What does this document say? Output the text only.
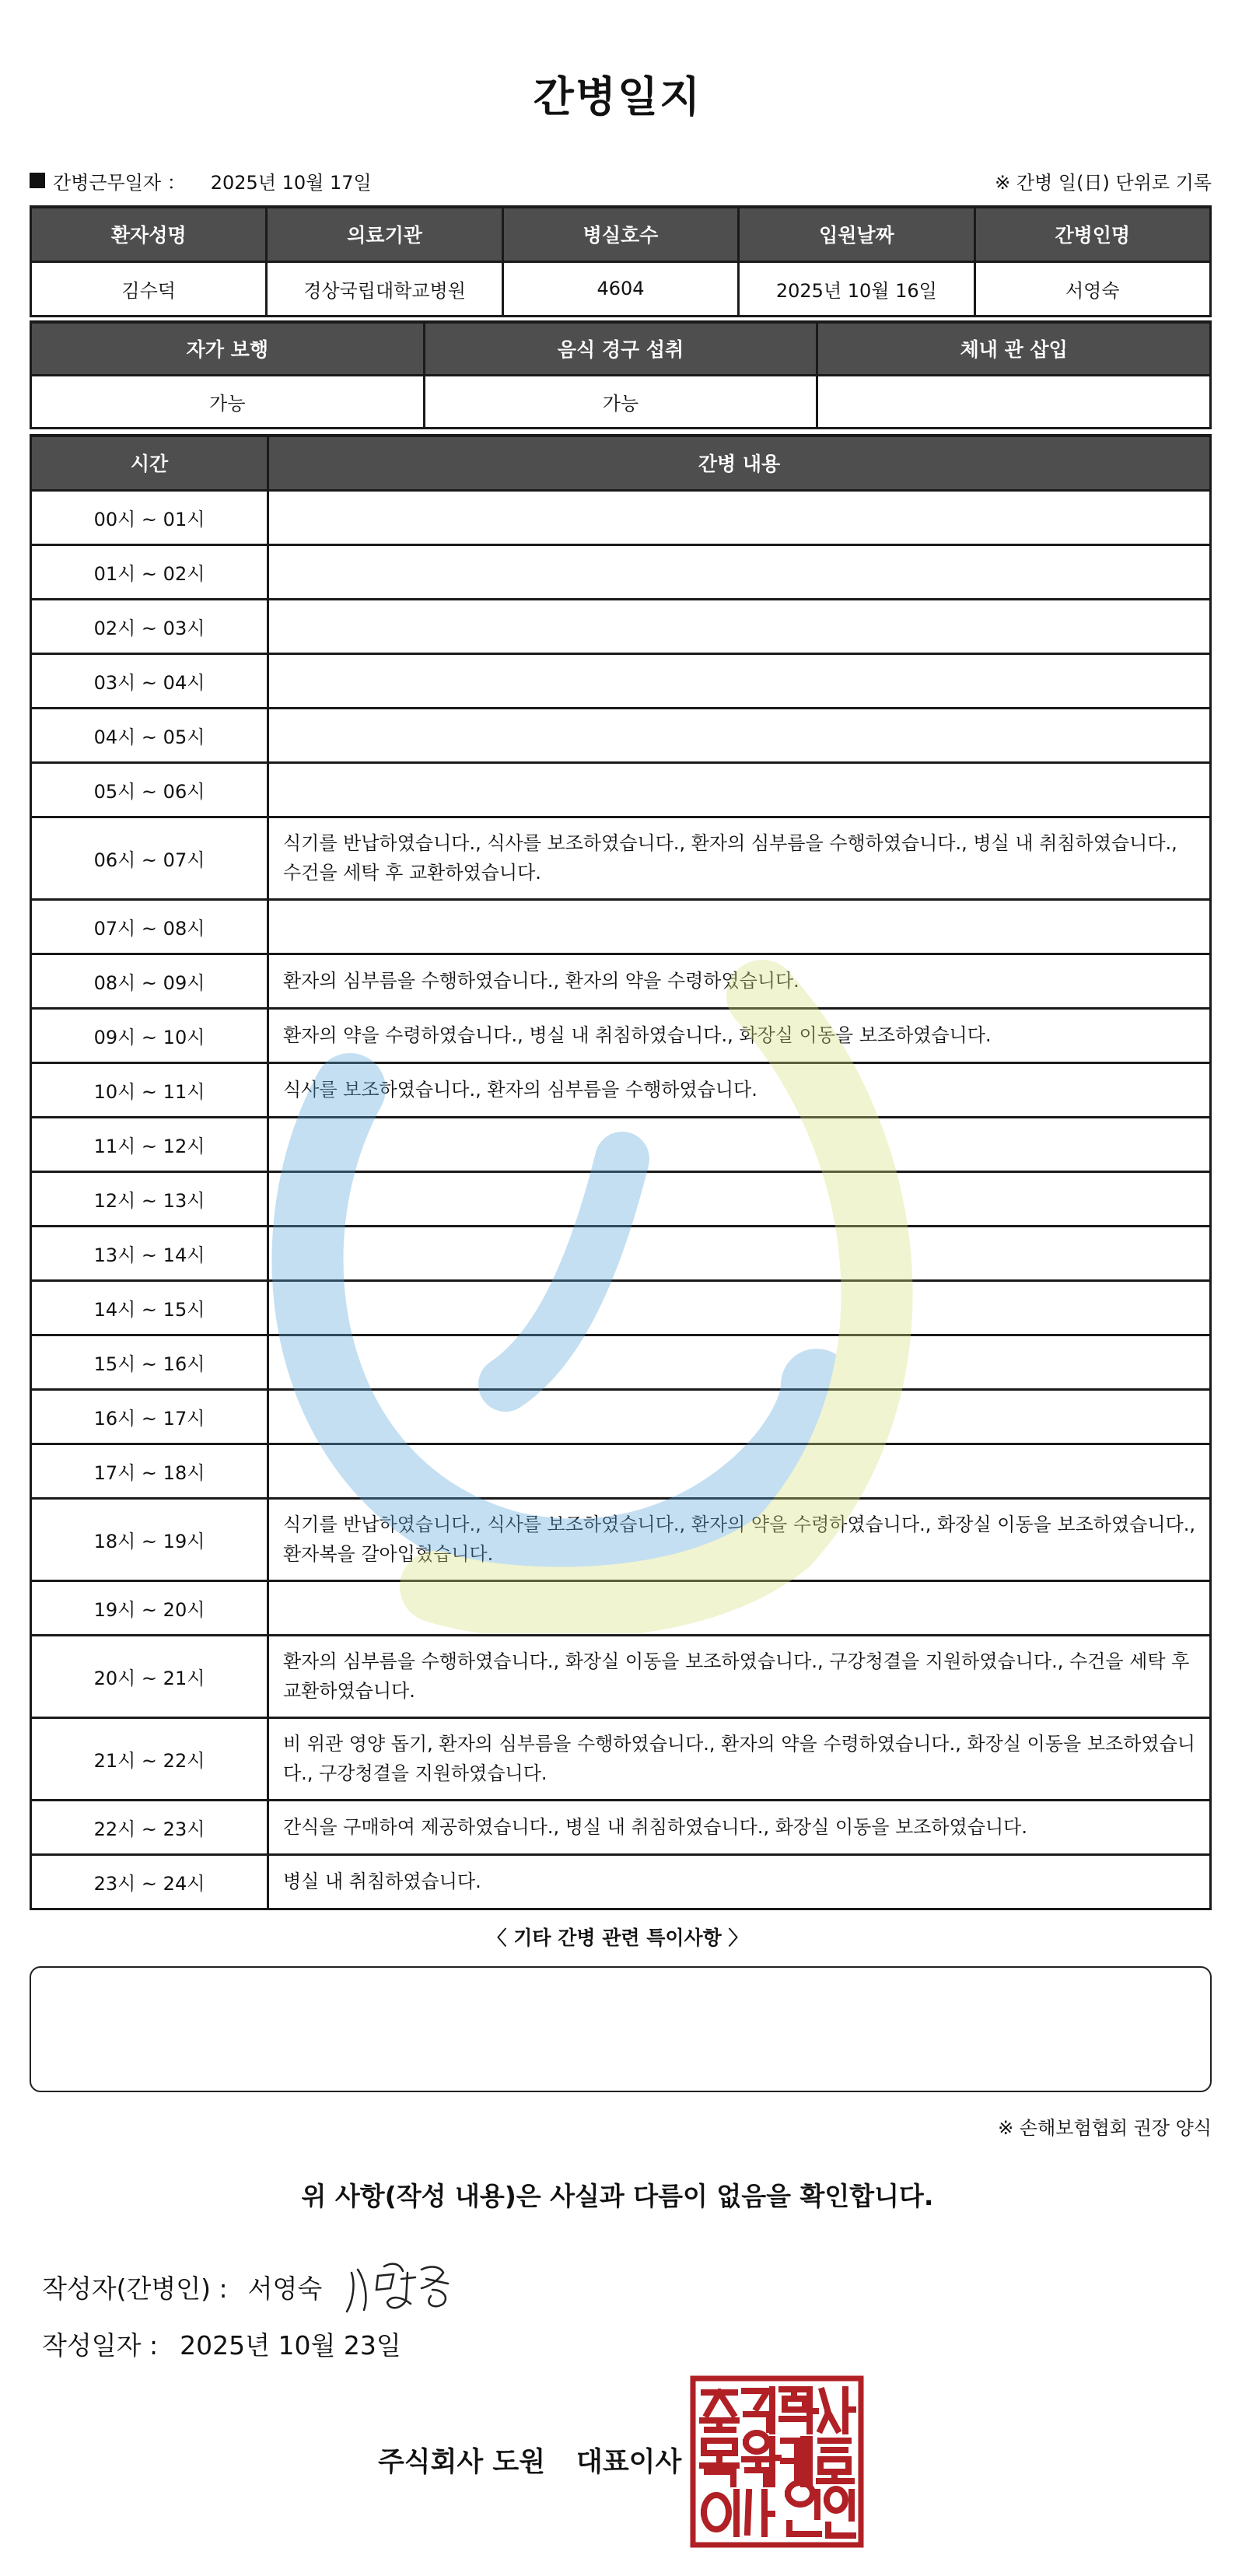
간병일지
간병근무일자 ： 2025년 10월 17일	※ 간병 일(日) 단위로 기록
환자성명	의료기관	병실호수	입원날짜	간병인명
김수덕	경상국립대학교병원	4604	2025년 10월 16일	서영숙
자가 보행	음식 경구 섭취	체내 관 삽입
가능	가능	
시간	간병 내용
00시 ~ 01시	
01시 ~ 02시	
02시 ~ 03시	
03시 ~ 04시	
04시 ~ 05시	
05시 ~ 06시	
06시 ~ 07시	식기를 반납하였습니다., 식사를 보조하였습니다., 환자의 심부름을 수행하였습니다., 병실 내 취침하였습니다., 수건을 세탁 후 교환하였습니다.
07시 ~ 08시	
08시 ~ 09시	환자의 심부름을 수행하였습니다., 환자의 약을 수령하였습니다.
09시 ~ 10시	환자의 약을 수령하였습니다., 병실 내 취침하였습니다., 화장실 이동을 보조하였습니다.
10시 ~ 11시	식사를 보조하였습니다., 환자의 심부름을 수행하였습니다.
11시 ~ 12시	
12시 ~ 13시	
13시 ~ 14시	
14시 ~ 15시	
15시 ~ 16시	
16시 ~ 17시	
17시 ~ 18시	
18시 ~ 19시	식기를 반납하였습니다., 식사를 보조하였습니다., 환자의 약을 수령하였습니다., 화장실 이동을 보조하였습니다., 환자복을 갈아입혔습니다.
19시 ~ 20시	
20시 ~ 21시	환자의 심부름을 수행하였습니다., 화장실 이동을 보조하였습니다., 구강청결을 지원하였습니다., 수건을 세탁 후 교환하였습니다.
21시 ~ 22시	비 위관 영양 돕기, 환자의 심부름을 수행하였습니다., 환자의 약을 수령하였습니다., 화장실 이동을 보조하였습니다., 구강청결을 지원하였습니다.
22시 ~ 23시	간식을 구매하여 제공하였습니다., 병실 내 취침하였습니다., 화장실 이동을 보조하였습니다.
23시 ~ 24시	병실 내 취침하였습니다.
〈 기타 간병 관련 특이사항 〉
※ 손해보험협회 권장 양식
위 사항(작성 내용)은 사실과 다름이 없음을 확인합니다.
작성자(간병인) : 서영숙
작성일자 : 2025년 10월 23일
주식회사 도원 대표이사
